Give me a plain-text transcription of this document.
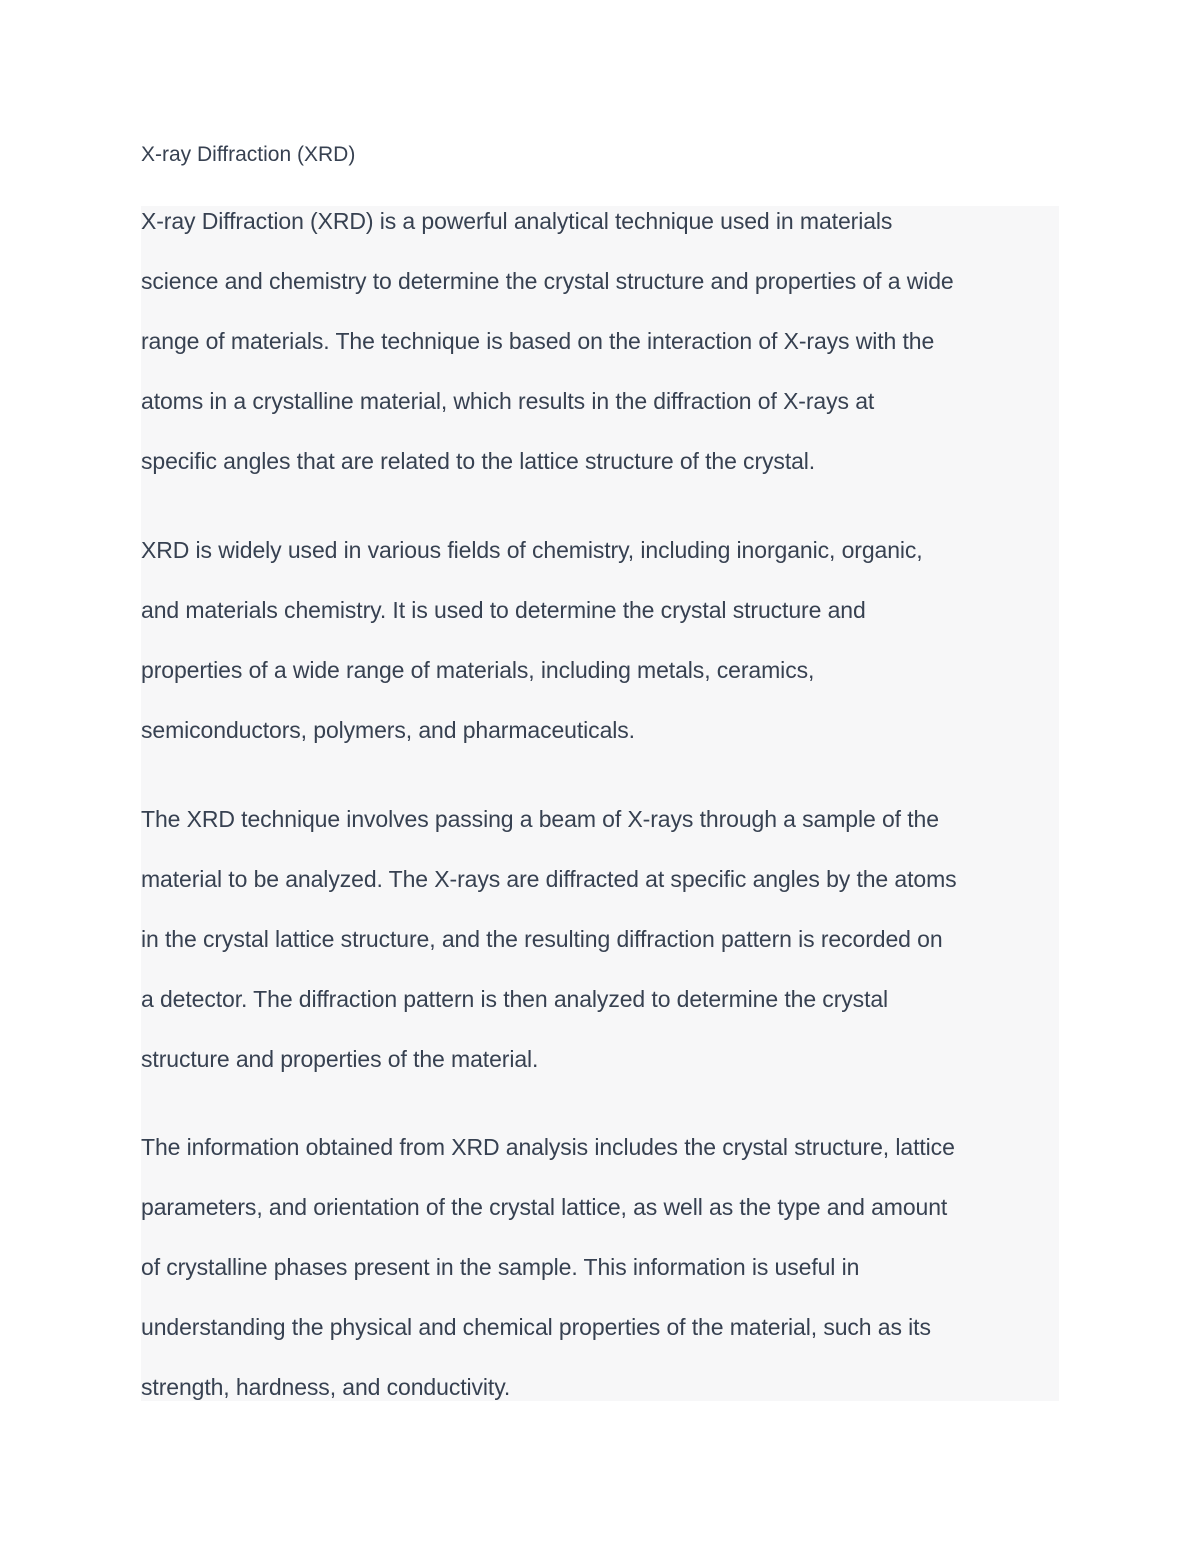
X-ray Diffraction (XRD)
X-ray Diffraction (XRD) is a powerful analytical technique used in materials
science and chemistry to determine the crystal structure and properties of a wide
range of materials. The technique is based on the interaction of X-rays with the
atoms in a crystalline material, which results in the diffraction of X-rays at
specific angles that are related to the lattice structure of the crystal.
XRD is widely used in various fields of chemistry, including inorganic, organic,
and materials chemistry. It is used to determine the crystal structure and
properties of a wide range of materials, including metals, ceramics,
semiconductors, polymers, and pharmaceuticals.
The XRD technique involves passing a beam of X-rays through a sample of the
material to be analyzed. The X-rays are diffracted at specific angles by the atoms
in the crystal lattice structure, and the resulting diffraction pattern is recorded on
a detector. The diffraction pattern is then analyzed to determine the crystal
structure and properties of the material.
The information obtained from XRD analysis includes the crystal structure, lattice
parameters, and orientation of the crystal lattice, as well as the type and amount
of crystalline phases present in the sample. This information is useful in
understanding the physical and chemical properties of the material, such as its
strength, hardness, and conductivity.
